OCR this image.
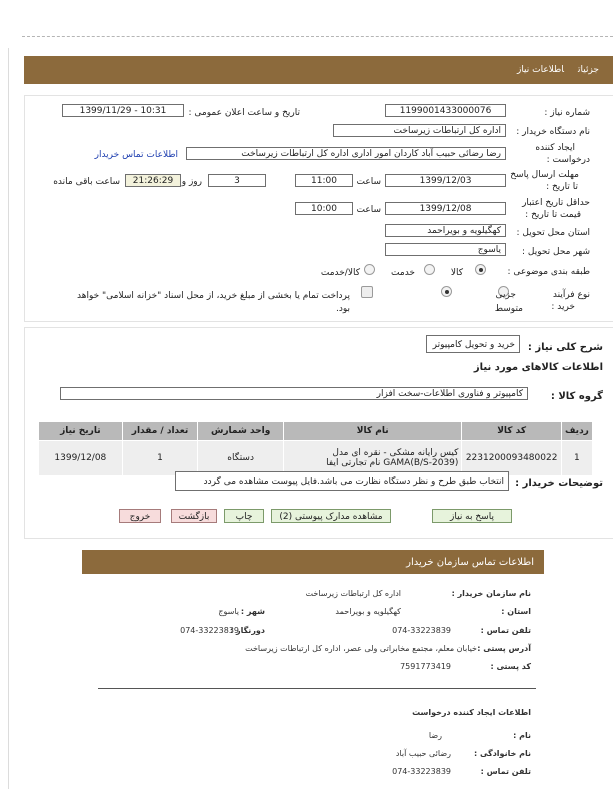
جزئیاتاطلاعات نیاز
شماره نیاز :
1199001433000076
تاریخ و ساعت اعلان عمومی :
1399/11/29 - 10:31
نام دستگاه خریدار :
اداره کل ارتباطات زیرساخت
ایجاد کننده
درخواست :
رضا رضائی حبیب آباد کاردان امور اداری اداره کل ارتباطات زیرساخت
اطلاعات تماس خریدار
مهلت ارسال پاسخ
تا تاریخ :
1399/12/03
ساعت
11:00
3
روز و
21:26:29
ساعت باقی مانده
حداقل تاریخ اعتبار
قیمت تا تاریخ :
1399/12/08
ساعت
10:00
استان محل تحویل :
کهگیلویه و بویراحمد
شهر محل تحویل :
یاسوج
طبقه بندی موضوعی :
کالا
خدمت
کالا/خدمت
نوع فرآیند
خرید :
جزیی
متوسط
پرداخت تمام یا بخشی از مبلغ خرید، از محل اسناد "خزانه اسلامی" خواهد
بود.
شرح کلی نیاز :
خرید و تحویل کامپیوتر
اطلاعات کالاهای مورد نیاز
گروه کالا :
کامپیوتر و فناوری اطلاعات-سخت افزار
ردیف	کد کالا	نام کالا	واحد شمارش	تعداد / مقدار	تاریخ نیاز
1	2231200093480022	کیس رایانه مشکی - نقره ای مدل GAMA(B/S-2039) نام تجارتی ایفا	دستگاه	1	1399/12/08
توضیحات خریدار :
انتخاب طبق طرح و نظر دستگاه نظارت می باشد.فایل پیوست مشاهده می گردد
پاسخ به نیاز
مشاهده مدارک پیوستی (2)
چاپ
بازگشت
خروج
اطلاعات تماس سازمان خریدار
نام سازمان خریدار :
اداره کل ارتباطات زیرساخت
استان :
کهگیلویه و بویراحمد
شهر :
یاسوج
تلفن تماس :
074-33223839
دورنگار :
074-33223839
آدرس پستی :
خیابان معلم، مجتمع مخابراتی ولی عصر، اداره کل ارتباطات زیرساخت
کد پستی :
7591773419
اطلاعات ایجاد کننده درخواست
نام :
رضا
نام خانوادگی :
رضائی حبیب آباد
تلفن تماس :
074-33223839
